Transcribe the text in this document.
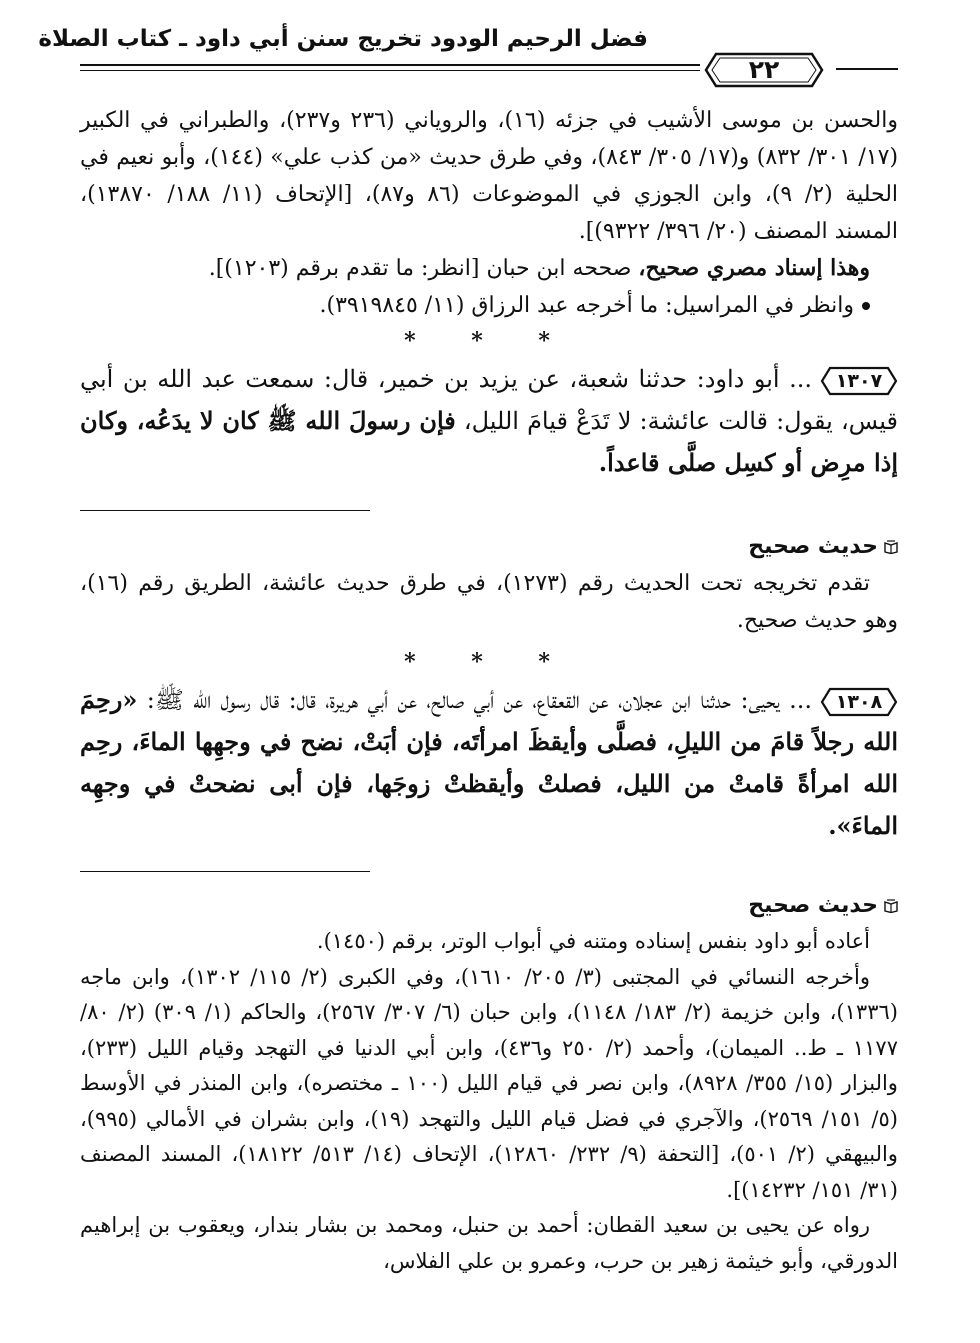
فضل الرحيم الودود تخريج سنن أبي داود ـ كتاب الصلاة
٢٢

والحسن بن موسى الأشيب في جزئه (١٦)، والروياني (٢٣٦ و٢٣٧)، والطبراني في الكبير (١٧/ ٣٠١/ ٨٣٢) و(١٧/ ٣٠٥/ ٨٤٣)، وفي طرق حديث «من كذب علي» (١٤٤)، وأبو نعيم في الحلية (٢/ ٩)، وابن الجوزي في الموضوعات (٨٦ و٨٧)، [الإتحاف (١١/ ١٨٨/ ١٣٨٧٠)، المسند المصنف (٢٠/ ٣٩٦/ ٩٣٢٢)].

وهذا إسناد مصري صحيح، صححه ابن حبان [انظر: ما تقدم برقم (١٢٠٣)].

وانظر في المراسيل: ما أخرجه عبد الرزاق (١١/ ٣٩١٩٨٤٥).

* * *

١٣٠٧
... أبو داود: حدثنا شعبة، عن يزيد بن خمير، قال: سمعت عبد الله بن أبي قيس، يقول: قالت عائشة: لا تَدَعْ قيامَ الليل، فإن رسولَ الله ﷺ كان لا يدَعُه، وكان إذا مرِض أو كسِل صلَّى قاعداً.

حديث صحيح

تقدم تخريجه تحت الحديث رقم (١٢٧٣)، في طرق حديث عائشة، الطريق رقم (١٦)، وهو حديث صحيح.

* * *

١٣٠٨
... يحيى: حدثنا ابن عجلان، عن القعقاع، عن أبي صالح، عن أبي هريرة، قال: قال رسول الله ﷺ: «رحِمَ الله رجلاً قامَ من الليلِ، فصلَّى وأيقظَ امرأتَه، فإن أبَتْ، نضح في وجهِها الماءَ، رحِم الله امرأةً قامتْ من الليل، فصلتْ وأيقظتْ زوجَها، فإن أبى نضحتْ في وجهِه الماءَ».

حديث صحيح

أعاده أبو داود بنفس إسناده ومتنه في أبواب الوتر، برقم (١٤٥٠).

وأخرجه النسائي في المجتبى (٣/ ٢٠٥/ ١٦١٠)، وفي الكبرى (٢/ ١١٥/ ١٣٠٢)، وابن ماجه (١٣٣٦)، وابن خزيمة (٢/ ١٨٣/ ١١٤٨)، وابن حبان (٦/ ٣٠٧/ ٢٥٦٧)، والحاكم (١/ ٣٠٩) (٢/ ٨٠/ ١١٧٧ ـ ط.. الميمان)، وأحمد (٢/ ٢٥٠ و٤٣٦)، وابن أبي الدنيا في التهجد وقيام الليل (٢٣٣)، والبزار (١٥/ ٣٥٥/ ٨٩٢٨)، وابن نصر في قيام الليل (١٠٠ ـ مختصره)، وابن المنذر في الأوسط (٥/ ١٥١/ ٢٥٦٩)، والآجري في فضل قيام الليل والتهجد (١٩)، وابن بشران في الأمالي (٩٩٥)، والبيهقي (٢/ ٥٠١)، [التحفة (٩/ ٢٣٢/ ١٢٨٦٠)، الإتحاف (١٤/ ٥١٣/ ١٨١٢٢)، المسند المصنف (٣١/ ١٥١/ ١٤٢٣٢)].

رواه عن يحيى بن سعيد القطان: أحمد بن حنبل، ومحمد بن بشار بندار، ويعقوب بن إبراهيم الدورقي، وأبو خيثمة زهير بن حرب، وعمرو بن علي الفلاس،
